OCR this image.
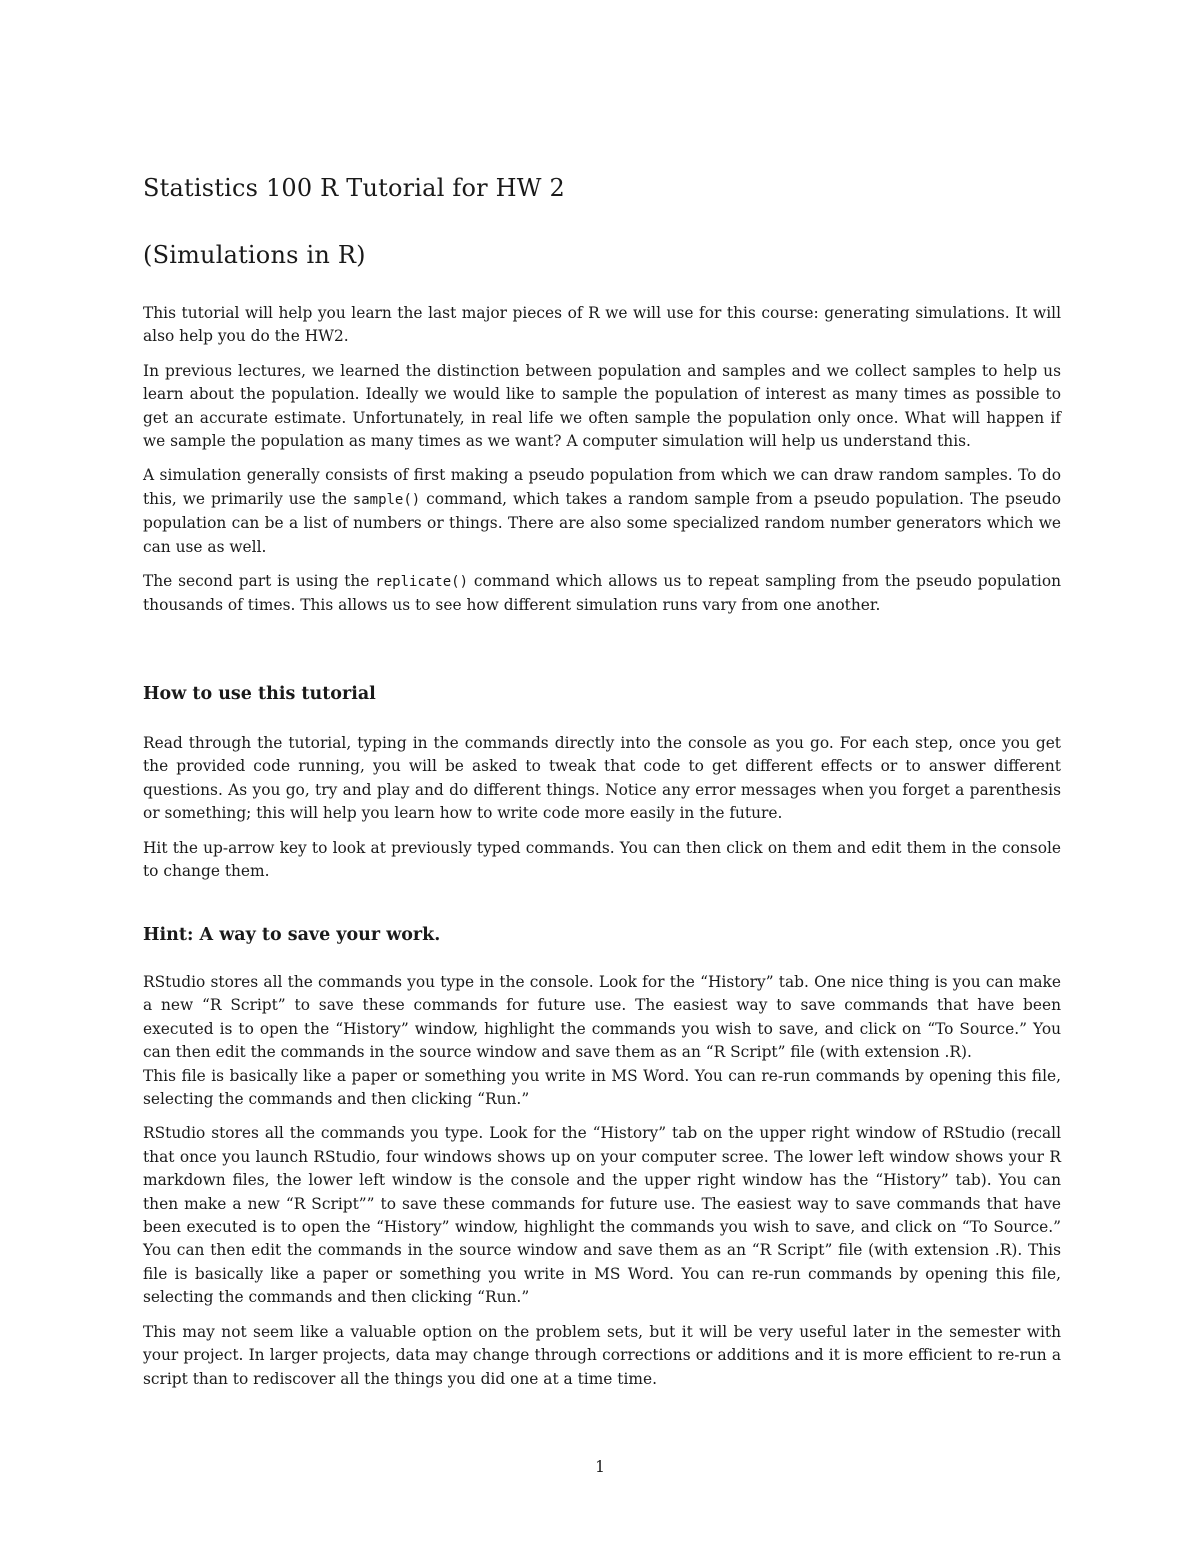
Statistics 100 R Tutorial for HW 2
(Simulations in R)

This tutorial will help you learn the last major pieces of R we will use for this course: generating simulations. It will also help you do the HW2.

In previous lectures, we learned the distinction between population and samples and we collect samples to help us learn about the population. Ideally we would like to sample the population of interest as many times as possible to get an accurate estimate. Unfortunately, in real life we often sample the population only once. What will happen if we sample the population as many times as we want? A computer simulation will help us understand this.

A simulation generally consists of first making a pseudo population from which we can draw random samples. To do this, we primarily use the sample() command, which takes a random sample from a pseudo population. The pseudo population can be a list of numbers or things. There are also some specialized random number generators which we can use as well.

The second part is using the replicate() command which allows us to repeat sampling from the pseudo population thousands of times. This allows us to see how different simulation runs vary from one another.

How to use this tutorial

Read through the tutorial, typing in the commands directly into the console as you go. For each step, once you get the provided code running, you will be asked to tweak that code to get different effects or to answer different questions. As you go, try and play and do different things. Notice any error messages when you forget a parenthesis or something; this will help you learn how to write code more easily in the future.

Hit the up-arrow key to look at previously typed commands. You can then click on them and edit them in the console to change them.

Hint: A way to save your work.

RStudio stores all the commands you type in the console. Look for the “History” tab. One nice thing is you can make a new “R Script” to save these commands for future use. The easiest way to save commands that have been executed is to open the “History” window, highlight the commands you wish to save, and click on “To Source.” You can then edit the commands in the source window and save them as an “R Script” file (with extension .R).

This file is basically like a paper or something you write in MS Word. You can re-run commands by opening this file, selecting the commands and then clicking “Run.”

RStudio stores all the commands you type. Look for the “History” tab on the upper right window of RStudio (recall that once you launch RStudio, four windows shows up on your computer scree. The lower left window shows your R markdown files, the lower left window is the console and the upper right window has the “History” tab). You can then make a new “R Script”” to save these commands for future use. The easiest way to save commands that have been executed is to open the “History” window, highlight the commands you wish to save, and click on “To Source.” You can then edit the commands in the source window and save them as an “R Script” file (with extension .R). This file is basically like a paper or something you write in MS Word. You can re-run commands by opening this file, selecting the commands and then clicking “Run.”

This may not seem like a valuable option on the problem sets, but it will be very useful later in the semester with your project. In larger projects, data may change through corrections or additions and it is more efficient to re-run a script than to rediscover all the things you did one at a time time.

1
